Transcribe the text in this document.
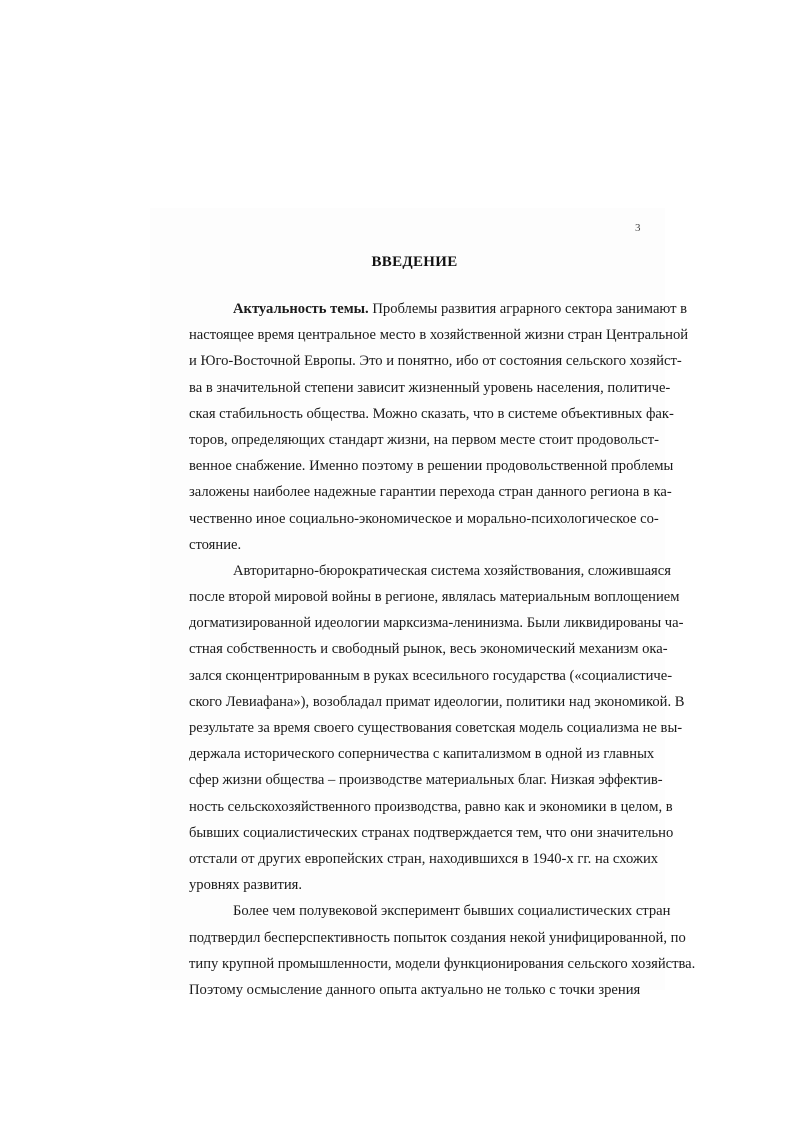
3
ВВЕДЕНИЕ
Актуальность темы. Проблемы развития аграрного сектора занимают в
настоящее время центральное место в хозяйственной жизни стран Центральной
и Юго-Восточной Европы. Это и понятно, ибо от состояния сельского хозяйст-
ва в значительной степени зависит жизненный уровень населения, политиче-
ская стабильность общества. Можно сказать, что в системе объективных фак-
торов, определяющих стандарт жизни, на первом месте стоит продовольст-
венное снабжение. Именно поэтому в решении продовольственной проблемы
заложены наиболее надежные гарантии перехода стран данного региона в ка-
чественно иное социально-экономическое и морально-психологическое со-
стояние.
Авторитарно-бюрократическая система хозяйствования, сложившаяся
после второй мировой войны в регионе, являлась материальным воплощением
догматизированной идеологии марксизма-ленинизма. Были ликвидированы ча-
стная собственность и свободный рынок, весь экономический механизм ока-
зался сконцентрированным в руках всесильного государства («социалистиче-
ского Левиафана»), возобладал примат идеологии, политики над экономикой. В
результате за время своего существования советская модель социализма не вы-
держала исторического соперничества с капитализмом в одной из главных
сфер жизни общества – производстве материальных благ. Низкая эффектив-
ность сельскохозяйственного производства, равно как и экономики в целом, в
бывших социалистических странах подтверждается тем, что они значительно
отстали от других европейских стран, находившихся в 1940-х гг. на схожих
уровнях развития.
Более чем полувековой эксперимент бывших социалистических стран
подтвердил бесперспективность попыток создания некой унифицированной, по
типу крупной промышленности, модели функционирования сельского хозяйства.
Поэтому осмысление данного опыта актуально не только с точки зрения
